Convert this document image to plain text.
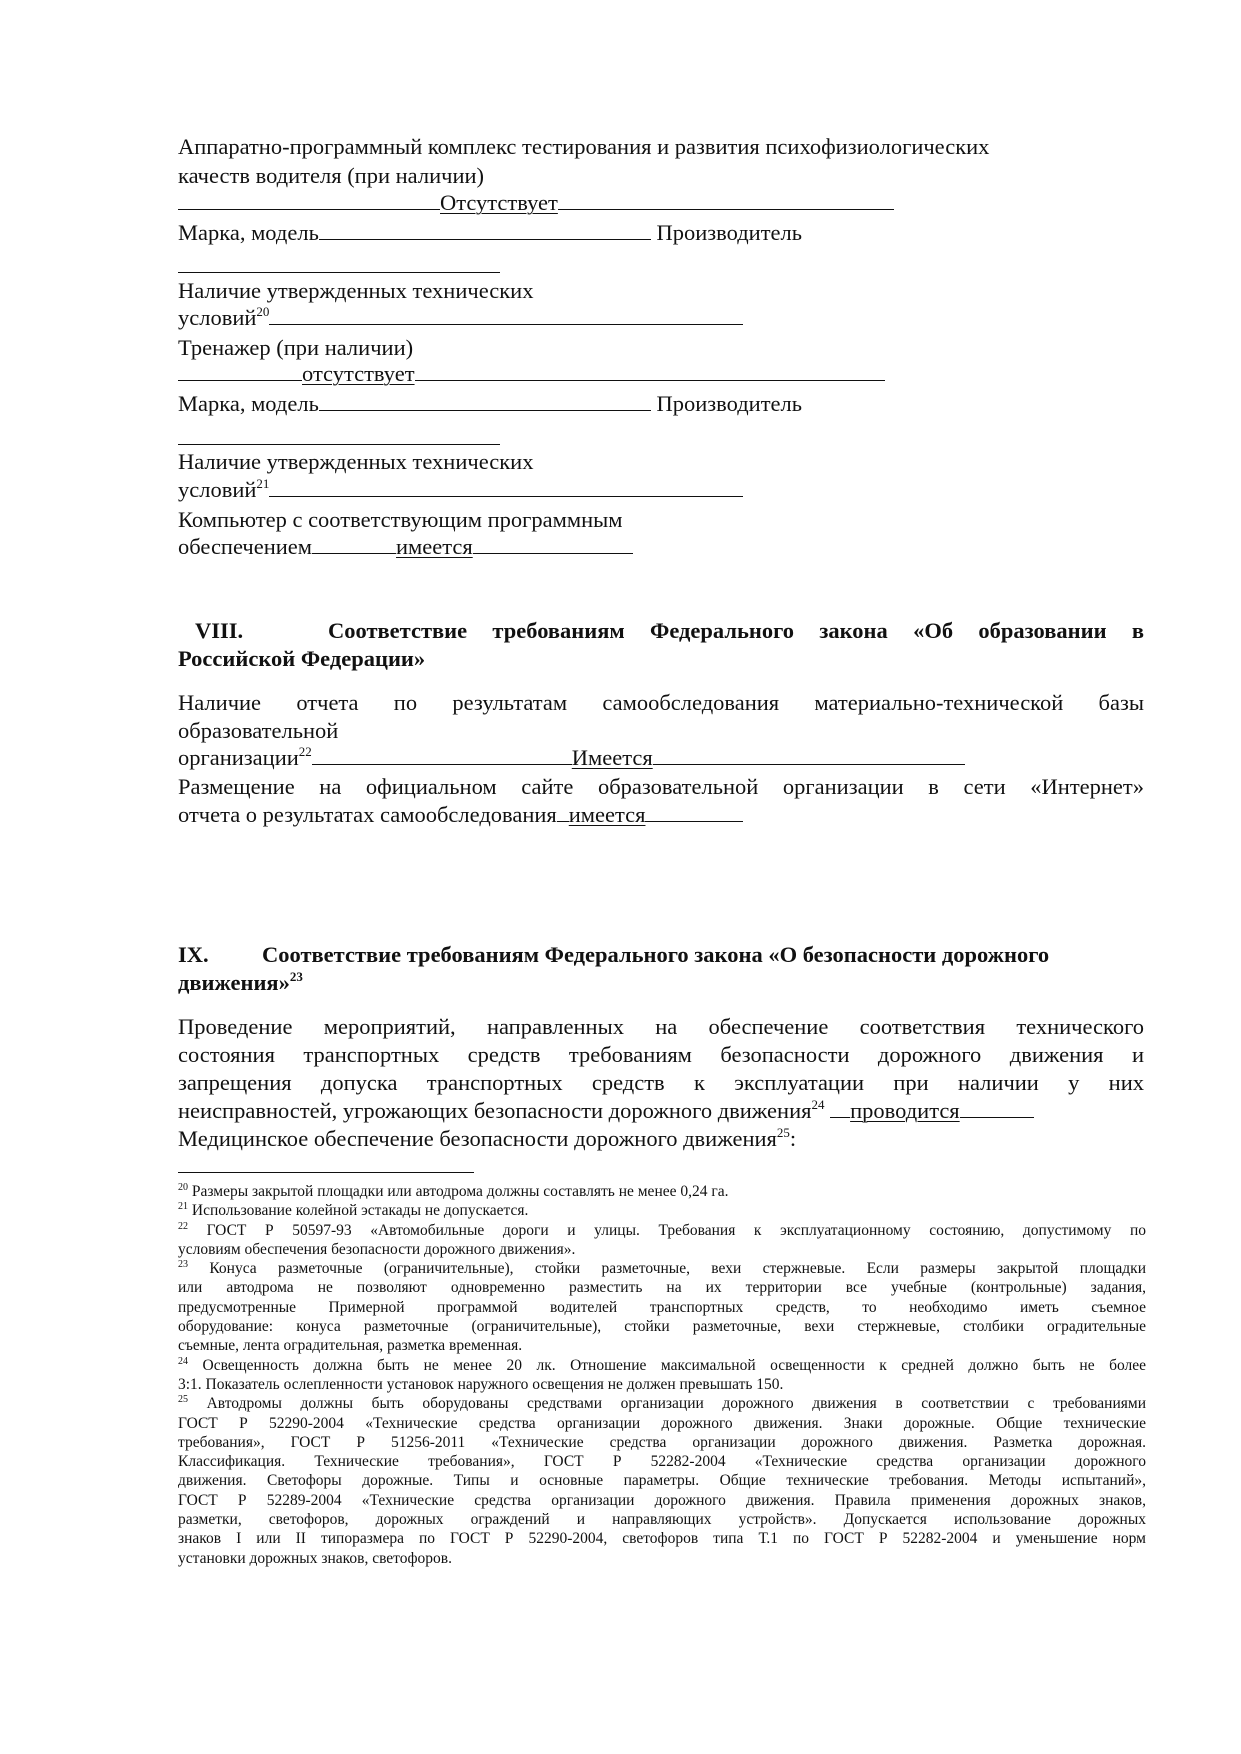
Аппаратно-программный комплекс тестирования и развития психофизиологических
качеств водителя (при наличии)
Отсутствует
Марка, модель	Производитель
Наличие утвержденных технических
условий$^{20}$
Тренажер (при наличии)
отсутствует
Марка, модель	Производитель
Наличие утвержденных технических
условий$^{21}$
Компьютер с соответствующим программным
обеспечением	имеется
VIII.	Соответствие требованиям Федерального закона «Об образовании в
Российской Федерации»
Наличие отчета по результатам самообследования материально-технической базы
образовательной
организации$^{22}$	Имеется
Размещение на официальном сайте образовательной организации в сети «Интернет»
отчета о результатах самообследования имеется
IX. Соответствие требованиям Федерального закона «О безопасности дорожного
движения»$^{23}$
Проведение мероприятий, направленных на обеспечение соответствия технического
состояния транспортных средств требованиям безопасности дорожного движения и
запрещения допуска транспортных средств к эксплуатации при наличии у них
неисправностей, угрожающих безопасности дорожного движения$^{24}$ проводится
Медицинское обеспечение безопасности дорожного движения$^{25}$:
$^{20}$ Размеры закрытой площадки или автодрома должны составлять не менее 0,24 га.
$^{21}$ Использование колейной эстакады не допускается.
$^{22}$ ГОСТ Р 50597-93 «Автомобильные дороги и улицы. Требования к эксплуатационному состоянию, допустимому по
условиям обеспечения безопасности дорожного движения».
$^{23}$ Конуса разметочные (ограничительные), стойки разметочные, вехи стержневые. Если размеры закрытой площадки
или автодрома не позволяют одновременно разместить на их территории все учебные (контрольные) задания,
предусмотренные Примерной программой водителей транспортных средств, то необходимо иметь съемное
оборудование: конуса разметочные (ограничительные), стойки разметочные, вехи стержневые, столбики оградительные
съемные, лента оградительная, разметка временная.
$^{24}$ Освещенность должна быть не менее 20 лк. Отношение максимальной освещенности к средней должно быть не более
3:1. Показатель ослепленности установок наружного освещения не должен превышать 150.
$^{25}$ Автодромы должны быть оборудованы средствами организации дорожного движения в соответствии с требованиями
ГОСТ Р 52290-2004 «Технические средства организации дорожного движения. Знаки дорожные. Общие технические
требования», ГОСТ Р 51256-2011 «Технические средства организации дорожного движения. Разметка дорожная.
Классификация. Технические требования», ГОСТ Р 52282-2004 «Технические средства организации дорожного
движения. Светофоры дорожные. Типы и основные параметры. Общие технические требования. Методы испытаний»,
ГОСТ Р 52289-2004 «Технические средства организации дорожного движения. Правила применения дорожных знаков,
разметки, светофоров, дорожных ограждений и направляющих устройств». Допускается использование дорожных
знаков I или II типоразмера по ГОСТ Р 52290-2004, светофоров типа Т.1 по ГОСТ Р 52282-2004 и уменьшение норм
установки дорожных знаков, светофоров.
